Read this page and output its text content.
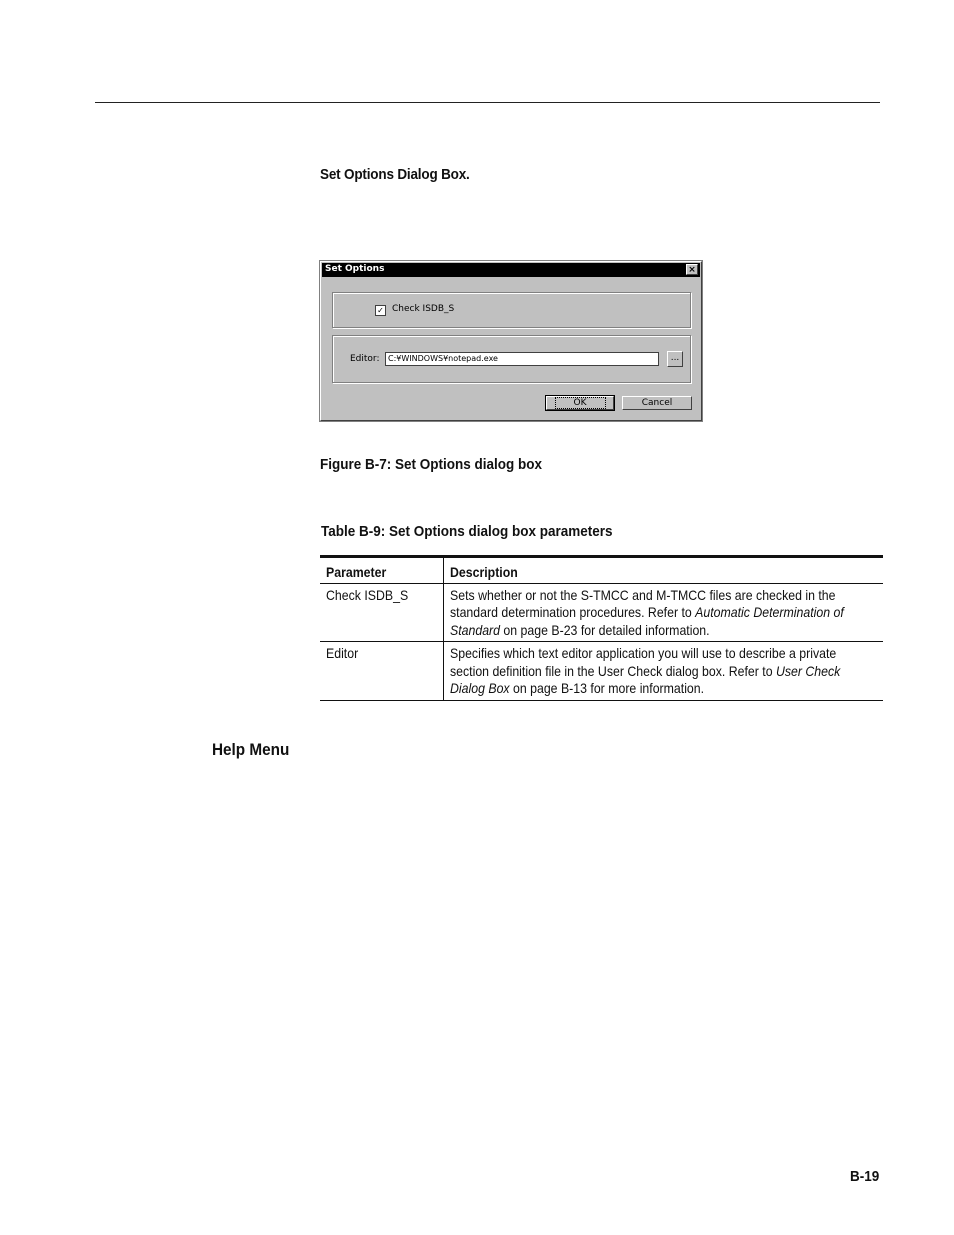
Set Options Dialog Box.
Set Options	×
✓ Check ISDB_S
Editor:	C:¥WINDOWS¥notepad.exe	...
OK	Cancel
Figure B-7: Set Options dialog box
Table B-9: Set Options dialog box parameters
Parameter	Description
Check ISDB_S	Sets whether or not the S-TMCC and M-TMCC files are checked in the standard determination procedures. Refer to Automatic Determination of Standard on page B-23 for detailed information.
Editor	Specifies which text editor application you will use to describe a private section definition file in the User Check dialog box. Refer to User Check Dialog Box on page B-13 for more information.
Help Menu
B-19
